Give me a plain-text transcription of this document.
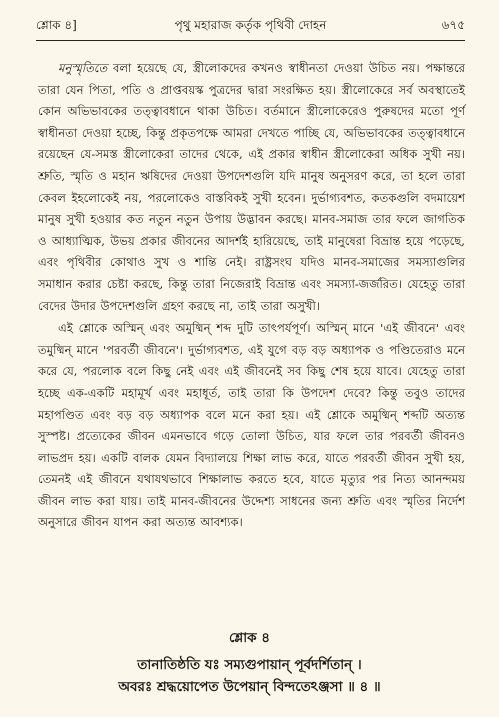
শ্লোক ৪]	পৃথু মহারাজ কর্তৃক পৃথিবী দোহন	৬৭৫

মনুস্মৃতিতে বলা হয়েছে যে, স্ত্রীলোকদের কখনও স্বাধীনতা দেওয়া উচিত নয়। পক্ষান্তরে তারা যেন পিতা, পতি ও প্রাপ্তবয়স্ক পুত্রদের দ্বারা সংরক্ষিত হয়। স্ত্রীলোকেরে সর্ব অবস্থাতেই কোন অভিভাবকের তত্ত্বাবধানে থাকা উচিত। বর্তমানে স্ত্রীলোকেরেও পুরুষদের মতো পূর্ণ স্বাধীনতা দেওয়া হচ্ছে, কিন্তু প্রকৃতপক্ষে আমরা দেখতে পাচ্ছি যে, অভিভাবকের তত্ত্বাবধানে রয়েছেন যে-সমস্ত স্ত্রীলোকেরা তাদের থেকে, এই প্রকার স্বাধীন স্ত্রীলোকেরা অধিক সুখী নয়। শ্রুতি, স্মৃতি ও মহান ঋষিদের দেওয়া উপদেশগুলি যদি মানুষ অনুসরণ করে, তা হলে তারা কেবল ইহলোকেই নয়, পরলোকেও বাস্তবিকই সুখী হবেন। দুর্ভাগ্যবশত, কতকগুলি বদমায়েশ মানুষ সুখী হওয়ার কত নতুন নতুন উপায় উদ্ভাবন করছে। মানব-সমাজ তার ফলে জাগতিক ও আধ্যাত্মিক, উভয় প্রকার জীবনের আদর্শই হারিয়েছে, তাই মানুষেরা বিভ্রান্ত হয়ে পড়েছে, এবং পৃথিবীর কোথাও সুখ ও শান্তি নেই। রাষ্ট্রসংঘ যদিও মানব-সমাজের সমস্যাগুলির সমাধান করার চেষ্টা করছে, কিন্তু তারা নিজেরাই বিভ্রান্ত এবং সমস্যা-জর্জরিত। যেহেতু তারা বেদের উদার উপদেশগুলি গ্রহণ করছে না, তাই তারা অসুখী।

এই শ্লোকে অস্মিন্ এবং অমুষ্মিন্ শব্দ দুটি তাৎপর্যপূর্ণ। অস্মিন্ মানে 'এই জীবনে' এবং তমুষ্মিন্ মানে 'পরবর্তী জীবনে'। দুর্ভাগ্যবশত, এই যুগে বড় বড় অধ্যাপক ও পণ্ডিতেরাও মনে করে যে, পরলোক বলে কিছু নেই এবং এই জীবনেই সব কিছু শেষ হয়ে যাবে। যেহেতু তারা হচ্ছে এক-একটি মহামূর্খ এবং মহাধূর্ত, তাই তারা কি উপদেশ দেবে? কিন্তু তবুও তাদের মহাপণ্ডিত এবং বড় বড় অধ্যাপক বলে মনে করা হয়। এই শ্লোকে অমুষ্মিন্ শব্দটি অত্যন্ত সুস্পষ্ট। প্রত্যেকের জীবন এমনভাবে গড়ে তোলা উচিত, যার ফলে তার পরবর্তী জীবনও লাভপ্রদ হয়। একটি বালক যেমন বিদ্যালয়ে শিক্ষা লাভ করে, যাতে পরবর্তী জীবন সুখী হয়, তেমনই এই জীবনে যথাযথভাবে শিক্ষালাভ করতে হবে, যাতে মৃত্যুর পর নিত্য আনন্দময় জীবন লাভ করা যায়। তাই মানব-জীবনের উদ্দেশ্য সাধনের জন্য শ্রুতি এবং স্মৃতির নির্দেশ অনুসারে জীবন যাপন করা অত্যন্ত আবশ্যক।

শ্লোক ৪
তানাতিষ্ঠতি যঃ সম্যগুপায়ান্ পূর্বদর্শিতান্ ।
অবরঃ শ্রদ্ধয়োপেত উপেয়ান্ বিন্দতেঽঞ্জসা ॥ ৪ ॥
